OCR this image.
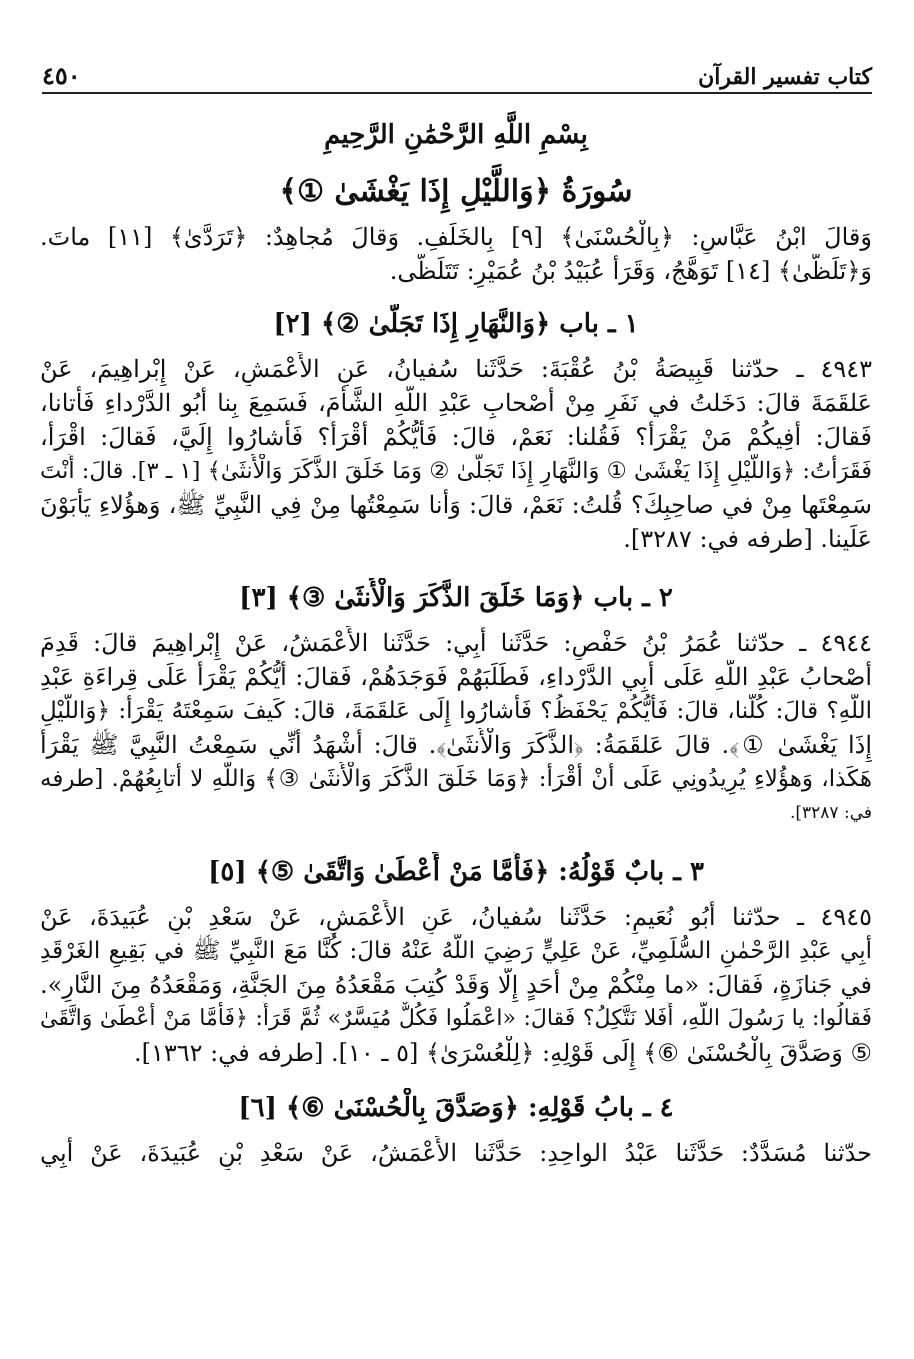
٤٥٠	كتاب تفسير القرآن
بِسْمِ اللَّهِ الرَّحْمَٰنِ الرَّحِيمِ
سُورَةُ ﴿وَاللَّيْلِ إِذَا يَغْشَىٰ ①﴾
وَقالَ ابْنُ عَبَّاسٍ: ﴿بِالْحُسْنَىٰ﴾ [٩] بِالخَلَفِ. وَقالَ مُجاهِدٌ: ﴿تَرَدَّىٰ﴾ [١١] ماتَ.
وَ﴿تَلَظَّىٰ﴾ [١٤] تَوَهَّجُ، وَقَرَأَ عُبَيْدُ بْنُ عُمَيْرٍ: تَتَلَظَّى.
١ ـ باب ﴿وَالنَّهَارِ إِذَا تَجَلَّىٰ ②﴾ [٢]
٤٩٤٣ ـ حدّثنا قَبِيصَةُ بْنُ عُقْبَةَ: حَدَّثَنا سُفيانُ، عَنِ الأَعْمَشِ، عَنْ إِبْراهِيمَ، عَنْ
عَلقَمَةَ قالَ: دَخَلتُ في نَفَرٍ مِنْ أَصْحابِ عَبْدِ اللَّهِ الشَّأْمَ، فَسَمِعَ بِنا أَبُو الدَّرْداءِ فَأَتانا،
فَقالَ: أَفِيكُمْ مَنْ يَقْرَأُ؟ فَقُلنا: نَعَمْ، قالَ: فَأَيُّكُمْ أَقْرَأُ؟ فَأَشارُوا إِلَيَّ، فَقالَ: اقْرَأْ،
فَقَرَأْتُ: ﴿وَاللَّيْلِ إِذَا يَغْشَىٰ ① وَالنَّهَارِ إِذَا تَجَلَّىٰ ② وَمَا خَلَقَ الذَّكَرَ وَالْأُنثَىٰ﴾ [١ ـ ٣]. قالَ: أَنْتَ
سَمِعْتَها مِنْ في صاحِبِكَ؟ قُلتُ: نَعَمْ، قالَ: وَأَنا سَمِعْتُها مِنْ فِي النَّبِيِّ ﷺ، وَهؤُلاءِ يَأْبَوْنَ
عَلَينا. [طرفه في: ٣٢٨٧].
٢ ـ باب ﴿وَمَا خَلَقَ الذَّكَرَ وَالْأُنثَىٰ ③﴾ [٣]
٤٩٤٤ ـ حدّثنا عُمَرُ بْنُ حَفْصٍ: حَدَّثَنا أَبِي: حَدَّثَنا الأَعْمَشُ، عَنْ إِبْراهِيمَ قالَ: قَدِمَ
أَصْحابُ عَبْدِ اللَّهِ عَلَى أَبِي الدَّرْداءِ، فَطَلَبَهُمْ فَوَجَدَهُمْ، فَقالَ: أَيُّكُمْ يَقْرَأُ عَلَى قِراءَةِ عَبْدِ
اللَّهِ؟ قالَ: كُلُّنا، قالَ: فَأَيُّكُمْ يَحْفَظُ؟ فَأَشارُوا إِلَى عَلقَمَةَ، قالَ: كَيفَ سَمِعْتَهُ يَقْرَأُ: ﴿وَاللَّيْلِ
إِذَا يَغْشَىٰ ①﴾. قالَ عَلقَمَةُ: ﴿الذَّكَرَ وَالْأُنثَىٰ﴾. قالَ: أَشْهَدُ أَنِّي سَمِعْتُ النَّبِيَّ ﷺ يَقْرَأُ
هَكَذا، وَهؤُلاءِ يُرِيدُونِي عَلَى أَنْ أَقْرَأَ: ﴿وَمَا خَلَقَ الذَّكَرَ وَالْأُنثَىٰ ③﴾ وَاللَّهِ لا أُتابِعُهُمْ. [طرفه
في: ٣٢٨٧].
٣ ـ بابٌ قَوْلُهُ: ﴿فَأَمَّا مَنْ أَعْطَىٰ وَاتَّقَىٰ ⑤﴾ [٥]
٤٩٤٥ ـ حدّثنا أَبُو نُعَيمٍ: حَدَّثَنا سُفيانُ، عَنِ الأَعْمَشِ، عَنْ سَعْدِ بْنِ عُبَيدَةَ، عَنْ
أَبِي عَبْدِ الرَّحْمٰنِ السُّلَمِيِّ، عَنْ عَلِيٍّ رَضِيَ اللَّهُ عَنْهُ قالَ: كُنَّا مَعَ النَّبِيِّ ﷺ في بَقِيعِ الغَرْقَدِ
في جَنازَةٍ، فَقالَ: «ما مِنْكُمْ مِنْ أَحَدٍ إِلَّا وَقَدْ كُتِبَ مَقْعَدُهُ مِنَ الجَنَّةِ، وَمَقْعَدُهُ مِنَ النَّارِ».
فَقالُوا: يا رَسُولَ اللَّهِ، أَفَلا نَتَّكِلُ؟ فَقالَ: «اعْمَلُوا فَكُلٌّ مُيَسَّرٌ» ثُمَّ قَرَأَ: ﴿فَأَمَّا مَنْ أَعْطَىٰ وَاتَّقَىٰ
⑤ وَصَدَّقَ بِالْحُسْنَىٰ ⑥﴾ إِلَى قَوْلِهِ: ﴿لِلْعُسْرَىٰ﴾ [٥ ـ ١٠]. [طرفه في: ١٣٦٢].
٤ ـ بابُ قَوْلِهِ: ﴿وَصَدَّقَ بِالْحُسْنَىٰ ⑥﴾ [٦]
حدّثنا مُسَدَّدٌ: حَدَّثَنا عَبْدُ الواحِدِ: حَدَّثَنا الأَعْمَشُ، عَنْ سَعْدِ بْنِ عُبَيدَةَ، عَنْ أَبِي
